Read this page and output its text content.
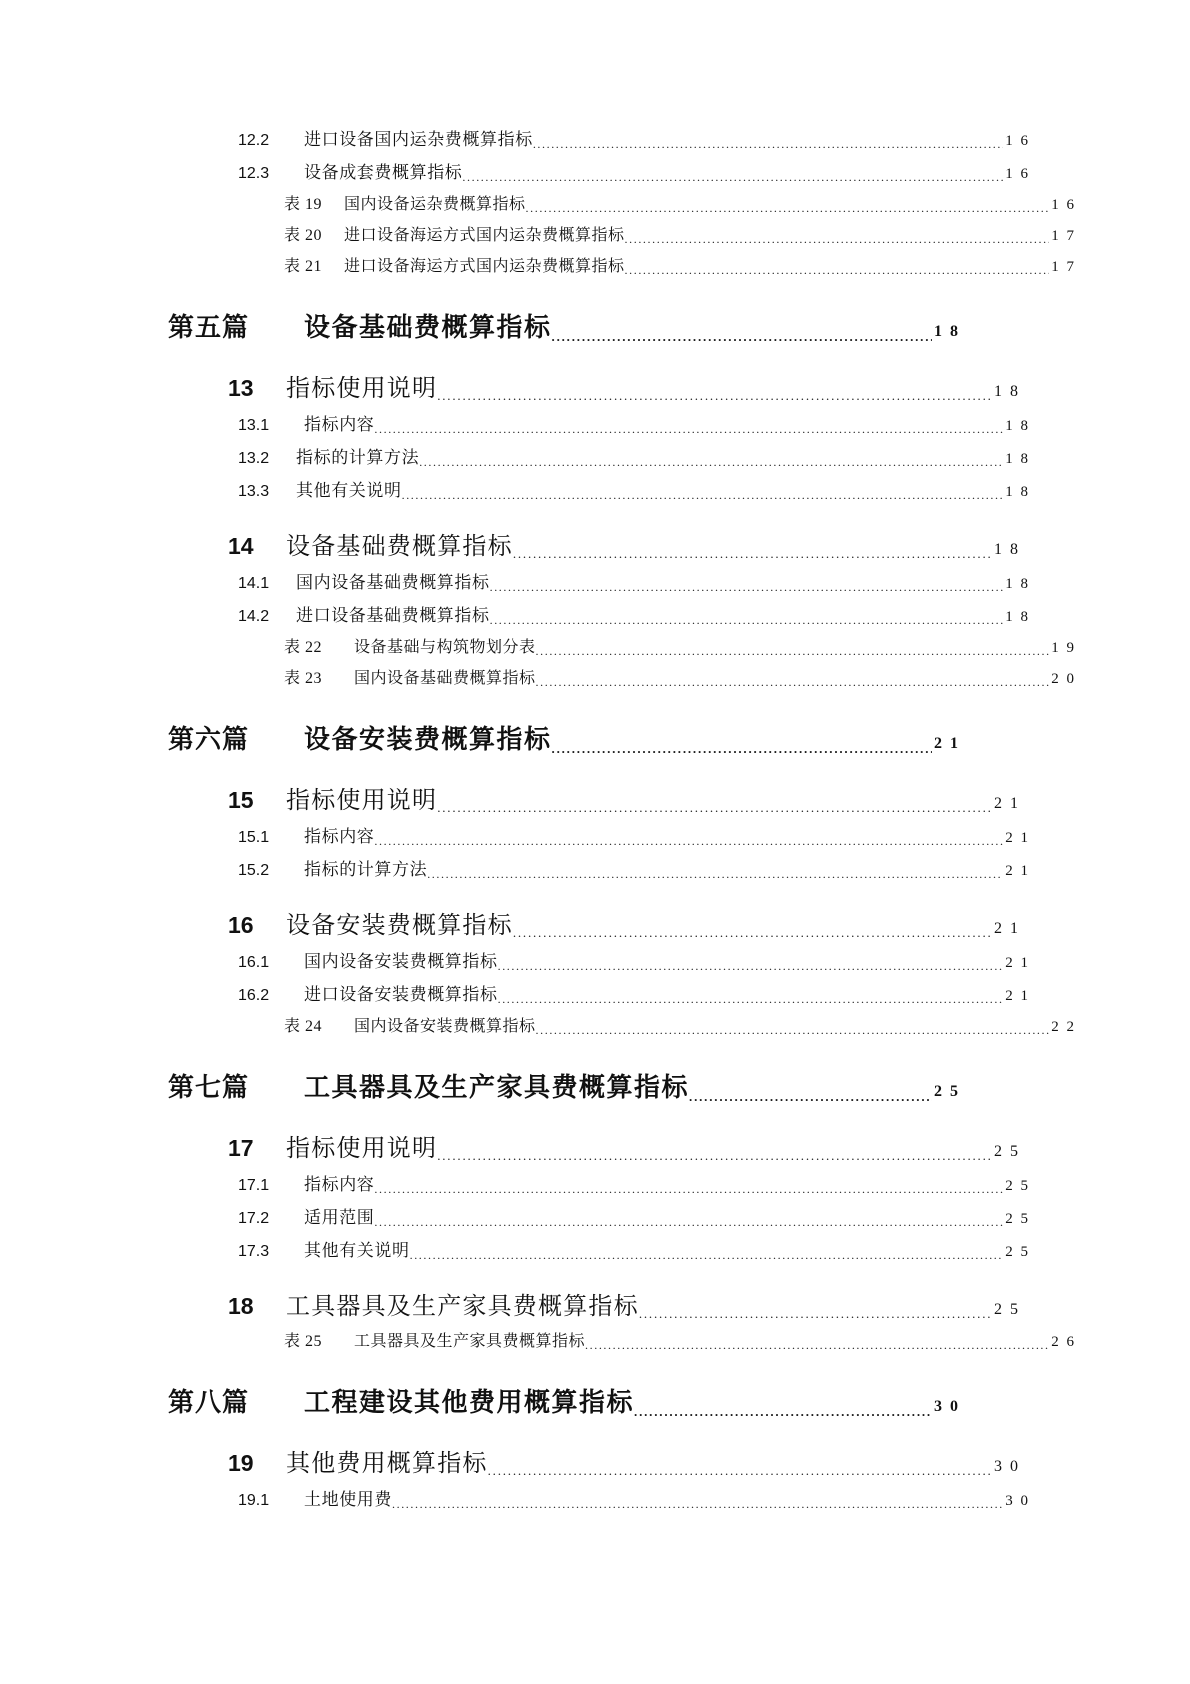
12.2	进口设备国内运杂费概算指标 .....	1 6
12.3	设备成套费概算指标 .....	1 6
表 19	国内设备运杂费概算指标 .....	1 6
表 20	进口设备海运方式国内运杂费概算指标 .....	1 7
表 21	进口设备海运方式国内运杂费概算指标 .....	1 7
第五篇	设备基础费概算指标 .....	1 8
13	指标使用说明 .....	1 8
13.1	指标内容 .....	1 8
13.2	指标的计算方法 .....	1 8
13.3	其他有关说明 .....	1 8
14	设备基础费概算指标 .....	1 8
14.1	国内设备基础费概算指标 .....	1 8
14.2	进口设备基础费概算指标 .....	1 8
表 22	设备基础与构筑物划分表 .....	1 9
表 23	国内设备基础费概算指标 .....	2 0
第六篇	设备安装费概算指标 .....	2 1
15	指标使用说明 .....	2 1
15.1	指标内容 .....	2 1
15.2	指标的计算方法 .....	2 1
16	设备安装费概算指标 .....	2 1
16.1	国内设备安装费概算指标 .....	2 1
16.2	进口设备安装费概算指标 .....	2 1
表 24	国内设备安装费概算指标 .....	2 2
第七篇	工具器具及生产家具费概算指标 .....	2 5
17	指标使用说明 .....	2 5
17.1	指标内容 .....	2 5
17.2	适用范围 .....	2 5
17.3	其他有关说明 .....	2 5
18	工具器具及生产家具费概算指标 .....	2 5
表 25	工具器具及生产家具费概算指标 .....	2 6
第八篇	工程建设其他费用概算指标 .....	3 0
19	其他费用概算指标 .....	3 0
19.1	土地使用费 .....	3 0
